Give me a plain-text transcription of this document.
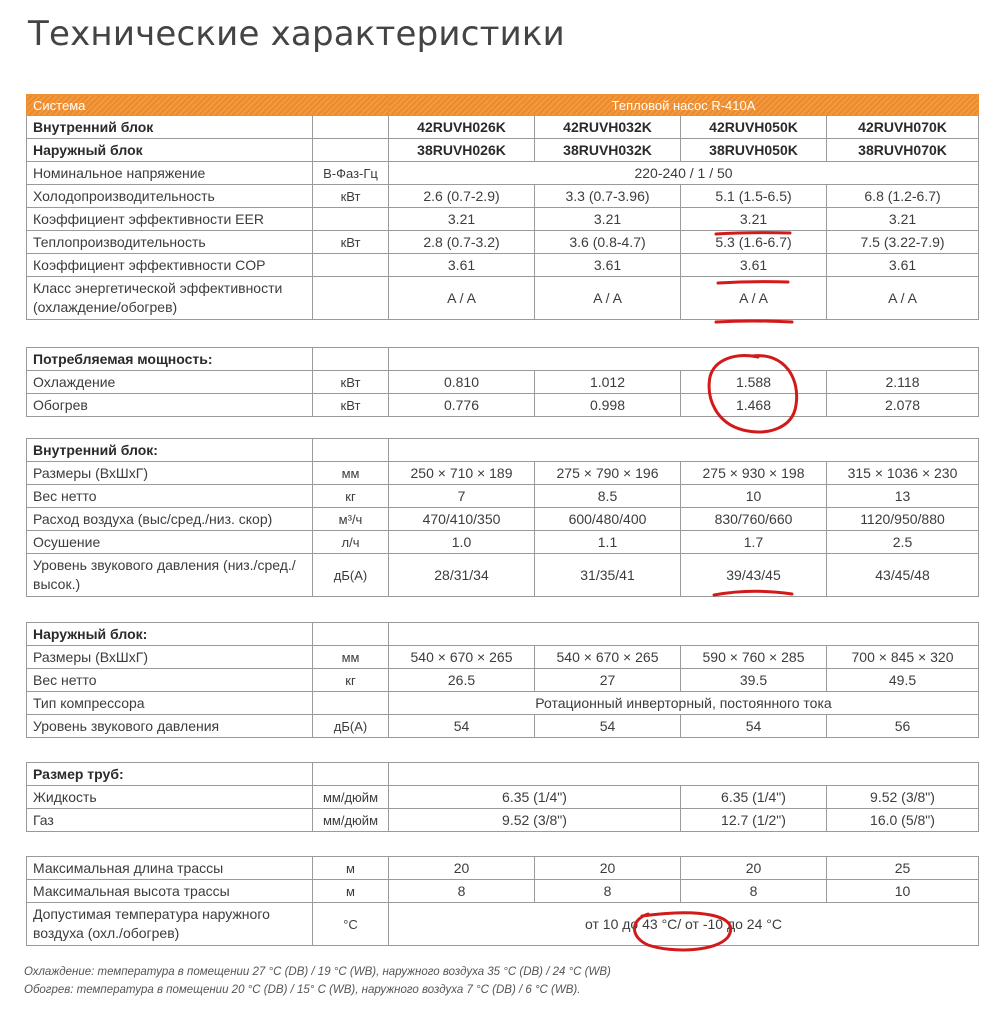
Технические характеристики
Система		Тепловой насос R-410A			
Внутренний блок		42RUVH026K	42RUVH032K	42RUVH050K	42RUVH070K
Наружный блок		38RUVH026K	38RUVH032K	38RUVH050K	38RUVH070K
Номинальное напряжение	В-Фаз-Гц	220-240 / 1 / 50			
Холодопроизводительность	кВт	2.6 (0.7-2.9)	3.3 (0.7-3.96)	5.1 (1.5-6.5)	6.8 (1.2-6.7)
Коэффициент эффективности EER		3.21	3.21	3.21	3.21
Теплопроизводительность	кВт	2.8 (0.7-3.2)	3.6 (0.8-4.7)	5.3 (1.6-6.7)	7.5 (3.22-7.9)
Коэффициент эффективности COP		3.61	3.61	3.61	3.61
Класс энергетической эффективности (охлаждение/обогрев)		A / A	A / A	A / A	A / A
Потребляемая мощность:					
Охлаждение	кВт	0.810	1.012	1.588	2.118
Обогрев	кВт	0.776	0.998	1.468	2.078
Внутренний блок:					
Размеры (ВхШхГ)	мм	250 × 710 × 189	275 × 790 × 196	275 × 930 × 198	315 × 1036 × 230
Вес нетто	кг	7	8.5	10	13
Расход воздуха (выс/сред./низ. скор)	м³/ч	470/410/350	600/480/400	830/760/660	1120/950/880
Осушение	л/ч	1.0	1.1	1.7	2.5
Уровень звукового давления (низ./сред./высок.)	дБ(А)	28/31/34	31/35/41	39/43/45	43/45/48
Наружный блок:					
Размеры (ВхШхГ)	мм	540 × 670 × 265	540 × 670 × 265	590 × 760 × 285	700 × 845 × 320
Вес нетто	кг	26.5	27	39.5	49.5
Тип компрессора		Ротационный инверторный, постоянного тока			
Уровень звукового давления	дБ(А)	54	54	54	56
Размер труб:				
Жидкость	мм/дюйм	6.35 (1/4")	6.35 (1/4")	9.52 (3/8")
Газ	мм/дюйм	9.52 (3/8")	12.7 (1/2")	16.0 (5/8")
Максимальная длина трассы	м	20	20	20	25
Максимальная высота трассы	м	8	8	8	10
Допустимая температура наружного воздуха (охл./обогрев)	°С	от 10 до 43 °С/ от -10 до 24 °С			
Охлаждение: температура в помещении 27 °С (DB) / 19 °С (WB), наружного воздуха 35 °С (DB) / 24 °С (WB)
Обогрев: температура в помещении 20 °С (DB) / 15° С (WB), наружного воздуха 7 °С (DB) / 6 °С (WB).
